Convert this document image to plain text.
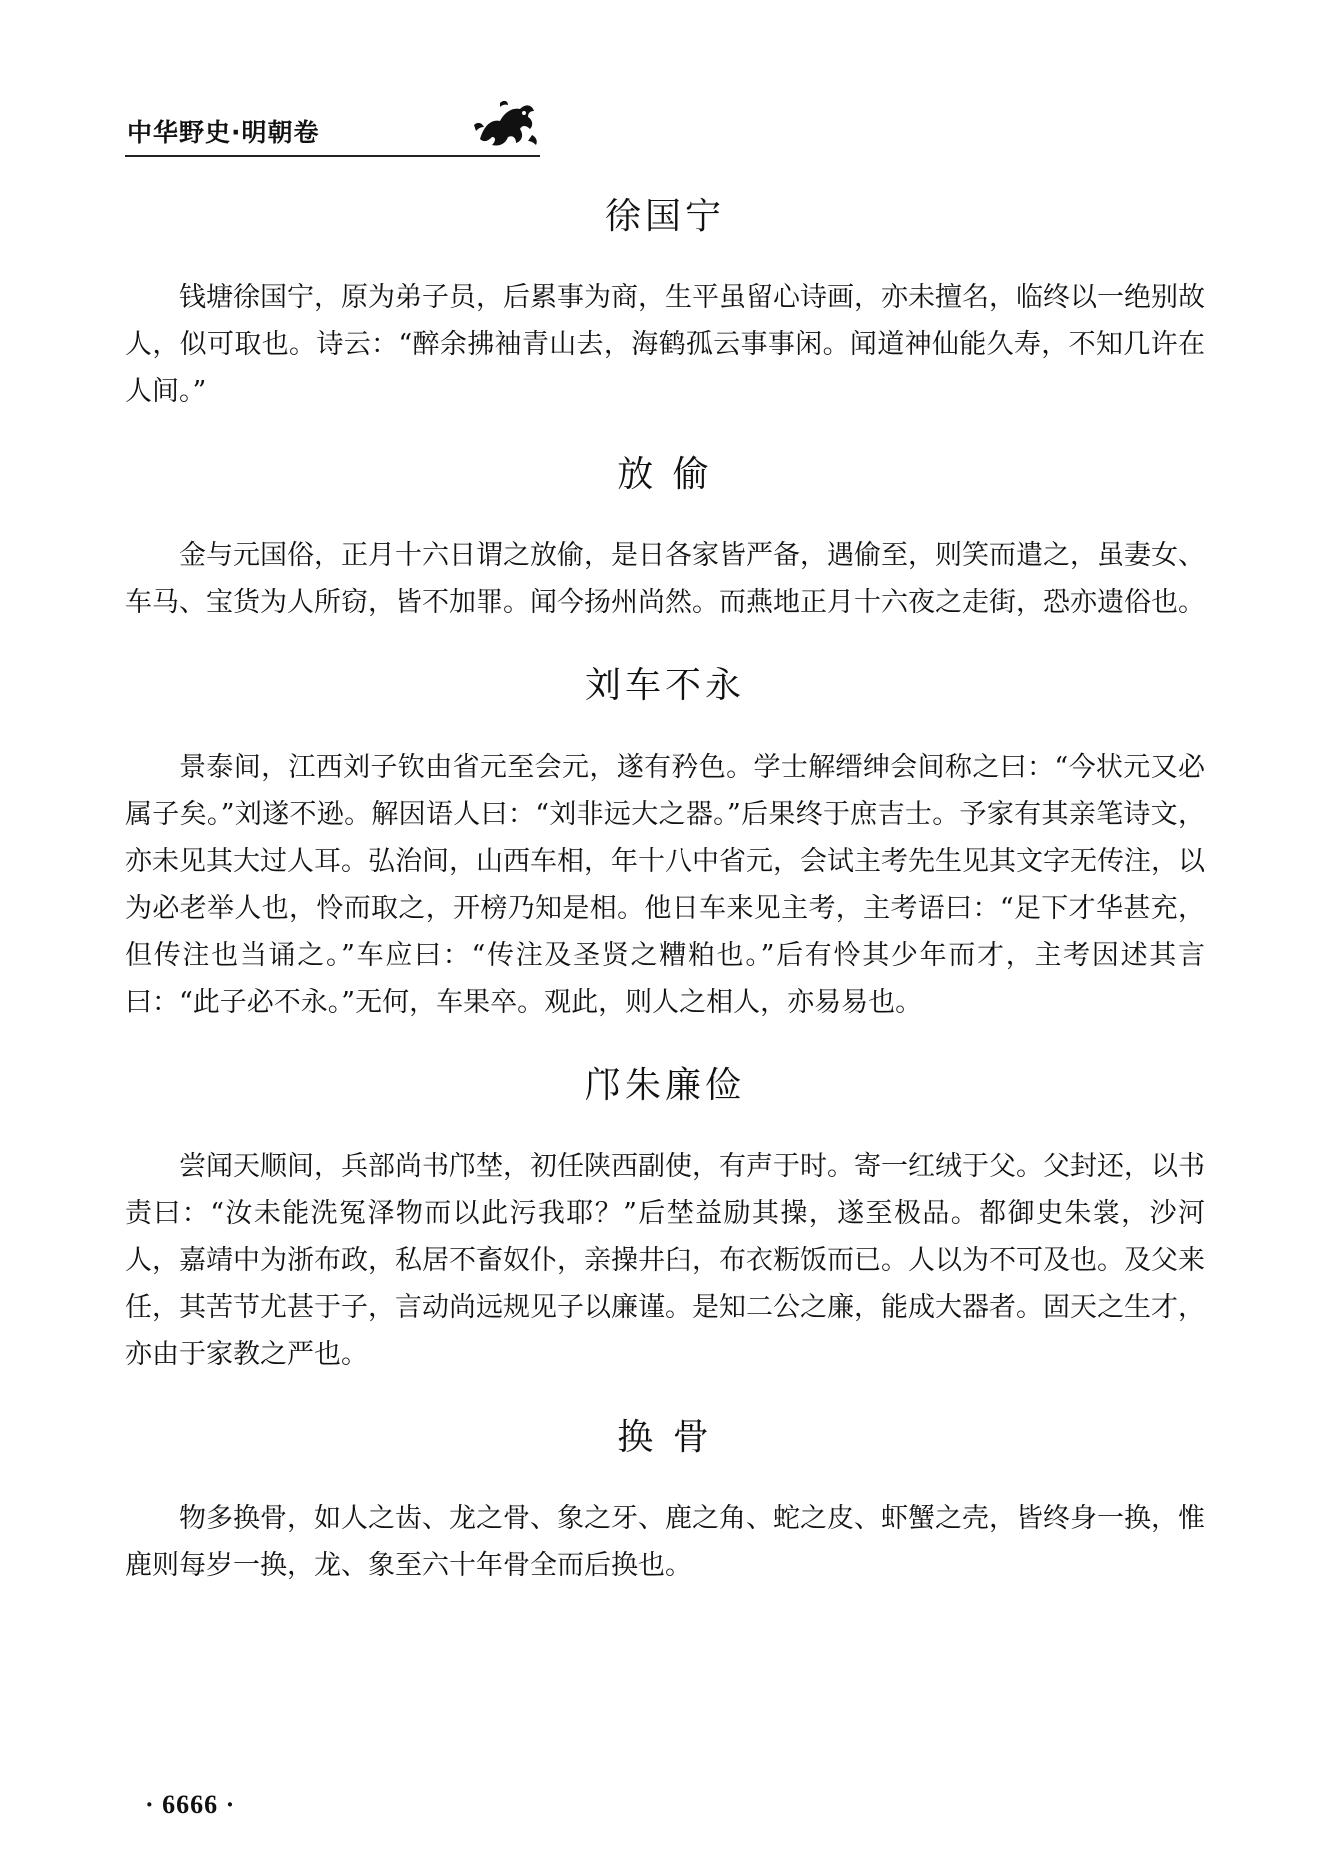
中华野史·明朝卷
徐国宁

钱塘徐国宁，原为弟子员，后累事为商，生平虽留心诗画，亦未擅名，临终以一绝别故人，似可取也。诗云：“醉余拂袖青山去，海鹤孤云事事闲。闻道神仙能久寿，不知几许在人间。”

放 偷

金与元国俗，正月十六日谓之放偷，是日各家皆严备，遇偷至，则笑而遣之，虽妻女、车马、宝货为人所窃，皆不加罪。闻今扬州尚然。而燕地正月十六夜之走街，恐亦遗俗也。

刘车不永

景泰间，江西刘子钦由省元至会元，遂有矜色。学士解缙绅会间称之曰：“今状元又必属子矣。”刘遂不逊。解因语人曰：“刘非远大之器。”后果终于庶吉士。予家有其亲笔诗文，亦未见其大过人耳。弘治间，山西车相，年十八中省元，会试主考先生见其文字无传注，以为必老举人也，怜而取之，开榜乃知是相。他日车来见主考，主考语曰：“足下才华甚充，但传注也当诵之。”车应曰：“传注及圣贤之糟粕也。”后有怜其少年而才，主考因述其言曰：“此子必不永。”无何，车果卒。观此，则人之相人，亦易易也。

邝朱廉俭

尝闻天顺间，兵部尚书邝埜，初任陕西副使，有声于时。寄一红绒于父。父封还，以书责曰：“汝未能洗冤泽物而以此污我耶？”后埜益励其操，遂至极品。都御史朱裳，沙河人，嘉靖中为浙布政，私居不畜奴仆，亲操井臼，布衣粝饭而已。人以为不可及也。及父来任，其苦节尤甚于子，言动尚远规见子以廉谨。是知二公之廉，能成大器者。固天之生才，亦由于家教之严也。

换 骨

物多换骨，如人之齿、龙之骨、象之牙、鹿之角、蛇之皮、虾蟹之壳，皆终身一换，惟鹿则每岁一换，龙、象至六十年骨全而后换也。

· 6666 ·
